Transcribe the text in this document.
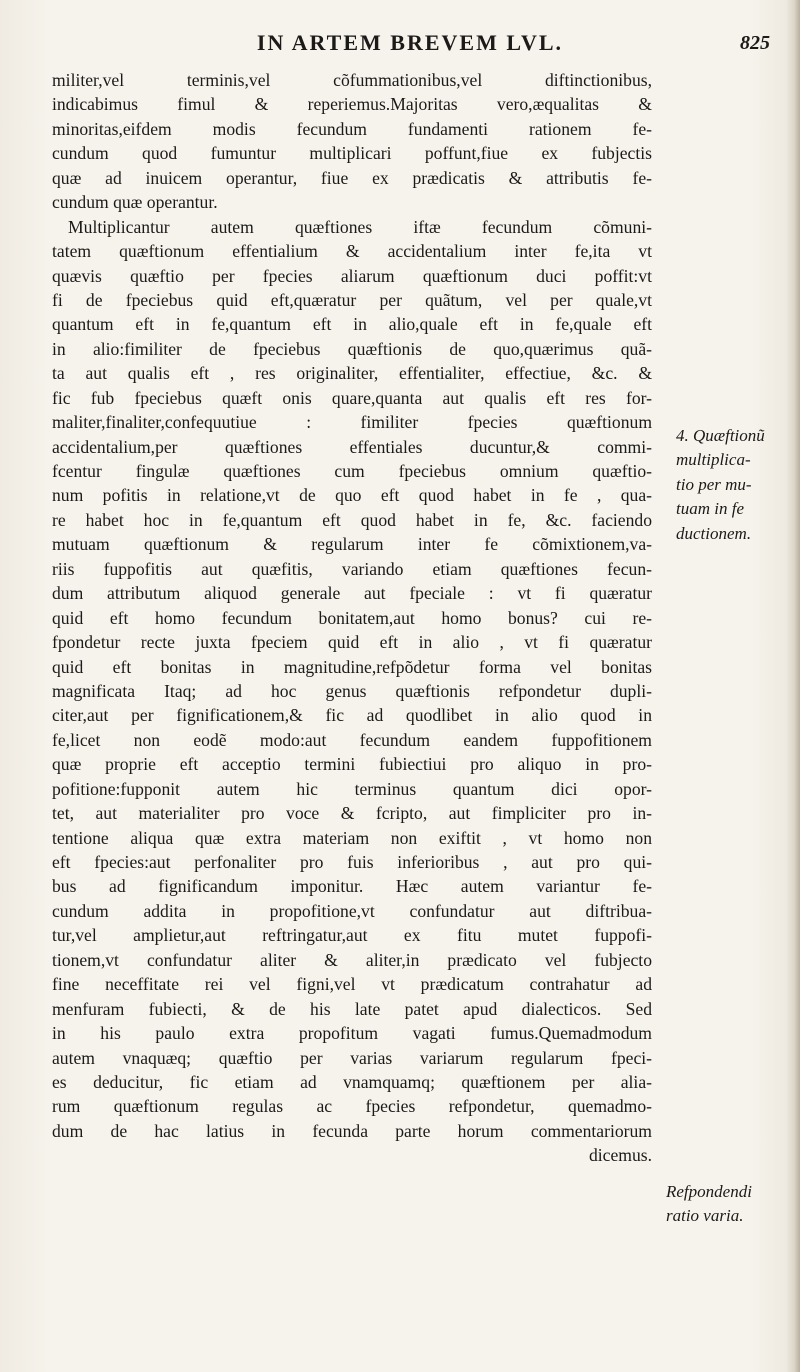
IN ARTEM BREVEM LVL.	825
militer,vel terminis,vel cõfummationibus,vel diftinctionibus,
indicabimus fimul & reperiemus.Majoritas vero,æqualitas &
minoritas,eifdem modis fecundum fundamenti rationem fe-
cundum quod fumuntur multiplicari poffunt,fiue ex fubjectis
quæ ad inuicem operantur, fiue ex prædicatis & attributis fe-
cundum quæ operantur.
Multiplicantur autem quæftiones iftæ fecundum cõmuni-
tatem quæftionum effentialium & accidentalium inter fe,ita vt
quævis quæftio per fpecies aliarum quæftionum duci poffit:vt
fi de fpeciebus quid eft,quæratur per quãtum, vel per quale,vt
quantum eft in fe,quantum eft in alio,quale eft in fe,quale eft
in alio:fimiliter de fpeciebus quæftionis de quo,quærimus quã-
ta aut qualis eft , res originaliter, effentialiter, effectiue, &c. &
fic fub fpeciebus quæft onis quare,quanta aut qualis eft res for-
maliter,finaliter,confequutiue : fimiliter fpecies quæftionum
accidentalium,per quæftiones effentiales ducuntur,& commi-
fcentur fingulæ quæftiones cum fpeciebus omnium quæftio-
num pofitis in relatione,vt de quo eft quod habet in fe , qua-
re habet hoc in fe,quantum eft quod habet in fe, &c. faciendo
mutuam quæftionum & regularum inter fe cõmixtionem,va-
riis fuppofitis aut quæfitis, variando etiam quæftiones fecun-
dum attributum aliquod generale aut fpeciale : vt fi quæratur
quid eft homo fecundum bonitatem,aut homo bonus? cui re-
fpondetur recte juxta fpeciem quid eft in alio , vt fi quæratur
quid eft bonitas in magnitudine,refpõdetur forma vel bonitas
magnificata Itaq; ad hoc genus quæftionis refpondetur dupli-
citer,aut per fignificationem,& fic ad quodlibet in alio quod in
fe,licet non eodẽ modo:aut fecundum eandem fuppofitionem
quæ proprie eft acceptio termini fubiectiui pro aliquo in pro-
pofitione:fupponit autem hic terminus quantum dici opor-
tet, aut materialiter pro voce & fcripto, aut fimpliciter pro in-
tentione aliqua quæ extra materiam non exiftit , vt homo non
eft fpecies:aut perfonaliter pro fuis inferioribus , aut pro qui-
bus ad fignificandum imponitur. Hæc autem variantur fe-
cundum addita in propofitione,vt confundatur aut diftribua-
tur,vel amplietur,aut reftringatur,aut ex fitu mutet fuppofi-
tionem,vt confundatur aliter & aliter,in prædicato vel fubjecto
fine neceffitate rei vel figni,vel vt prædicatum contrahatur ad
menfuram fubiecti, & de his late patet apud dialecticos. Sed
in his paulo extra propofitum vagati fumus.Quemadmodum
autem vnaquæq; quæftio per varias variarum regularum fpeci-
es deducitur, fic etiam ad vnamquamq; quæftionem per alia-
rum quæftionum regulas ac fpecies refpondetur, quemadmo-
dum de hac latius in fecunda parte horum commentariorum
dicemus.
4. Quæftionũ
multiplica-
tio per mu-
tuam in fe
ductionem.
Refpondendi
ratio varia.
